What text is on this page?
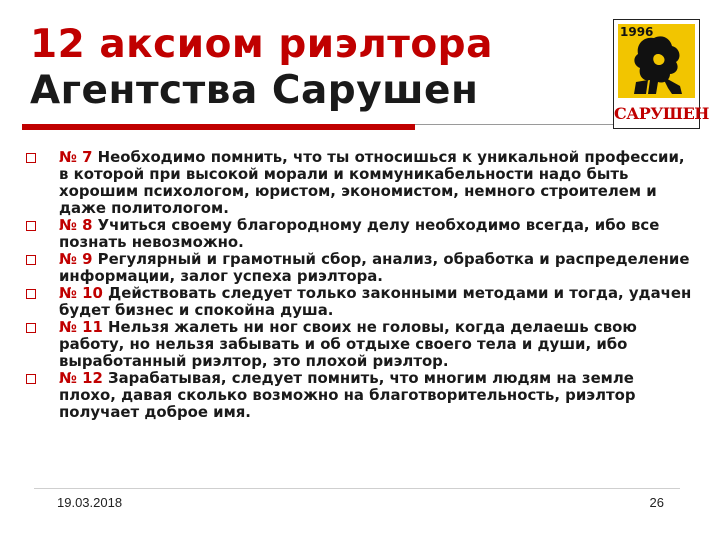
12 аксиом риэлтора
Агентства Сарушен
1996
САРУШЕН
№ 7 Необходимо помнить, что ты относишься к уникальной профессии, в которой при высокой морали и коммуникабельности надо быть хорошим психологом, юристом, экономистом, немного строителем и даже политологом.
№ 8 Учиться своему благородному делу необходимо всегда, ибо все познать невозможно.
№ 9 Регулярный и грамотный сбор, анализ, обработка и распределение информации, залог успеха риэлтора.
№ 10 Действовать следует только законными методами и тогда, удачен будет бизнес и спокойна душа.
№ 11 Нельзя жалеть ни ног своих не головы, когда делаешь свою работу, но нельзя забывать и об отдыхе своего тела и души, ибо выработанный риэлтор, это плохой риэлтор.
№ 12 Зарабатывая, следует помнить, что многим людям на земле плохо, давая сколько возможно на благотворительность, риэлтор получает доброе имя.
19.03.2018	26
